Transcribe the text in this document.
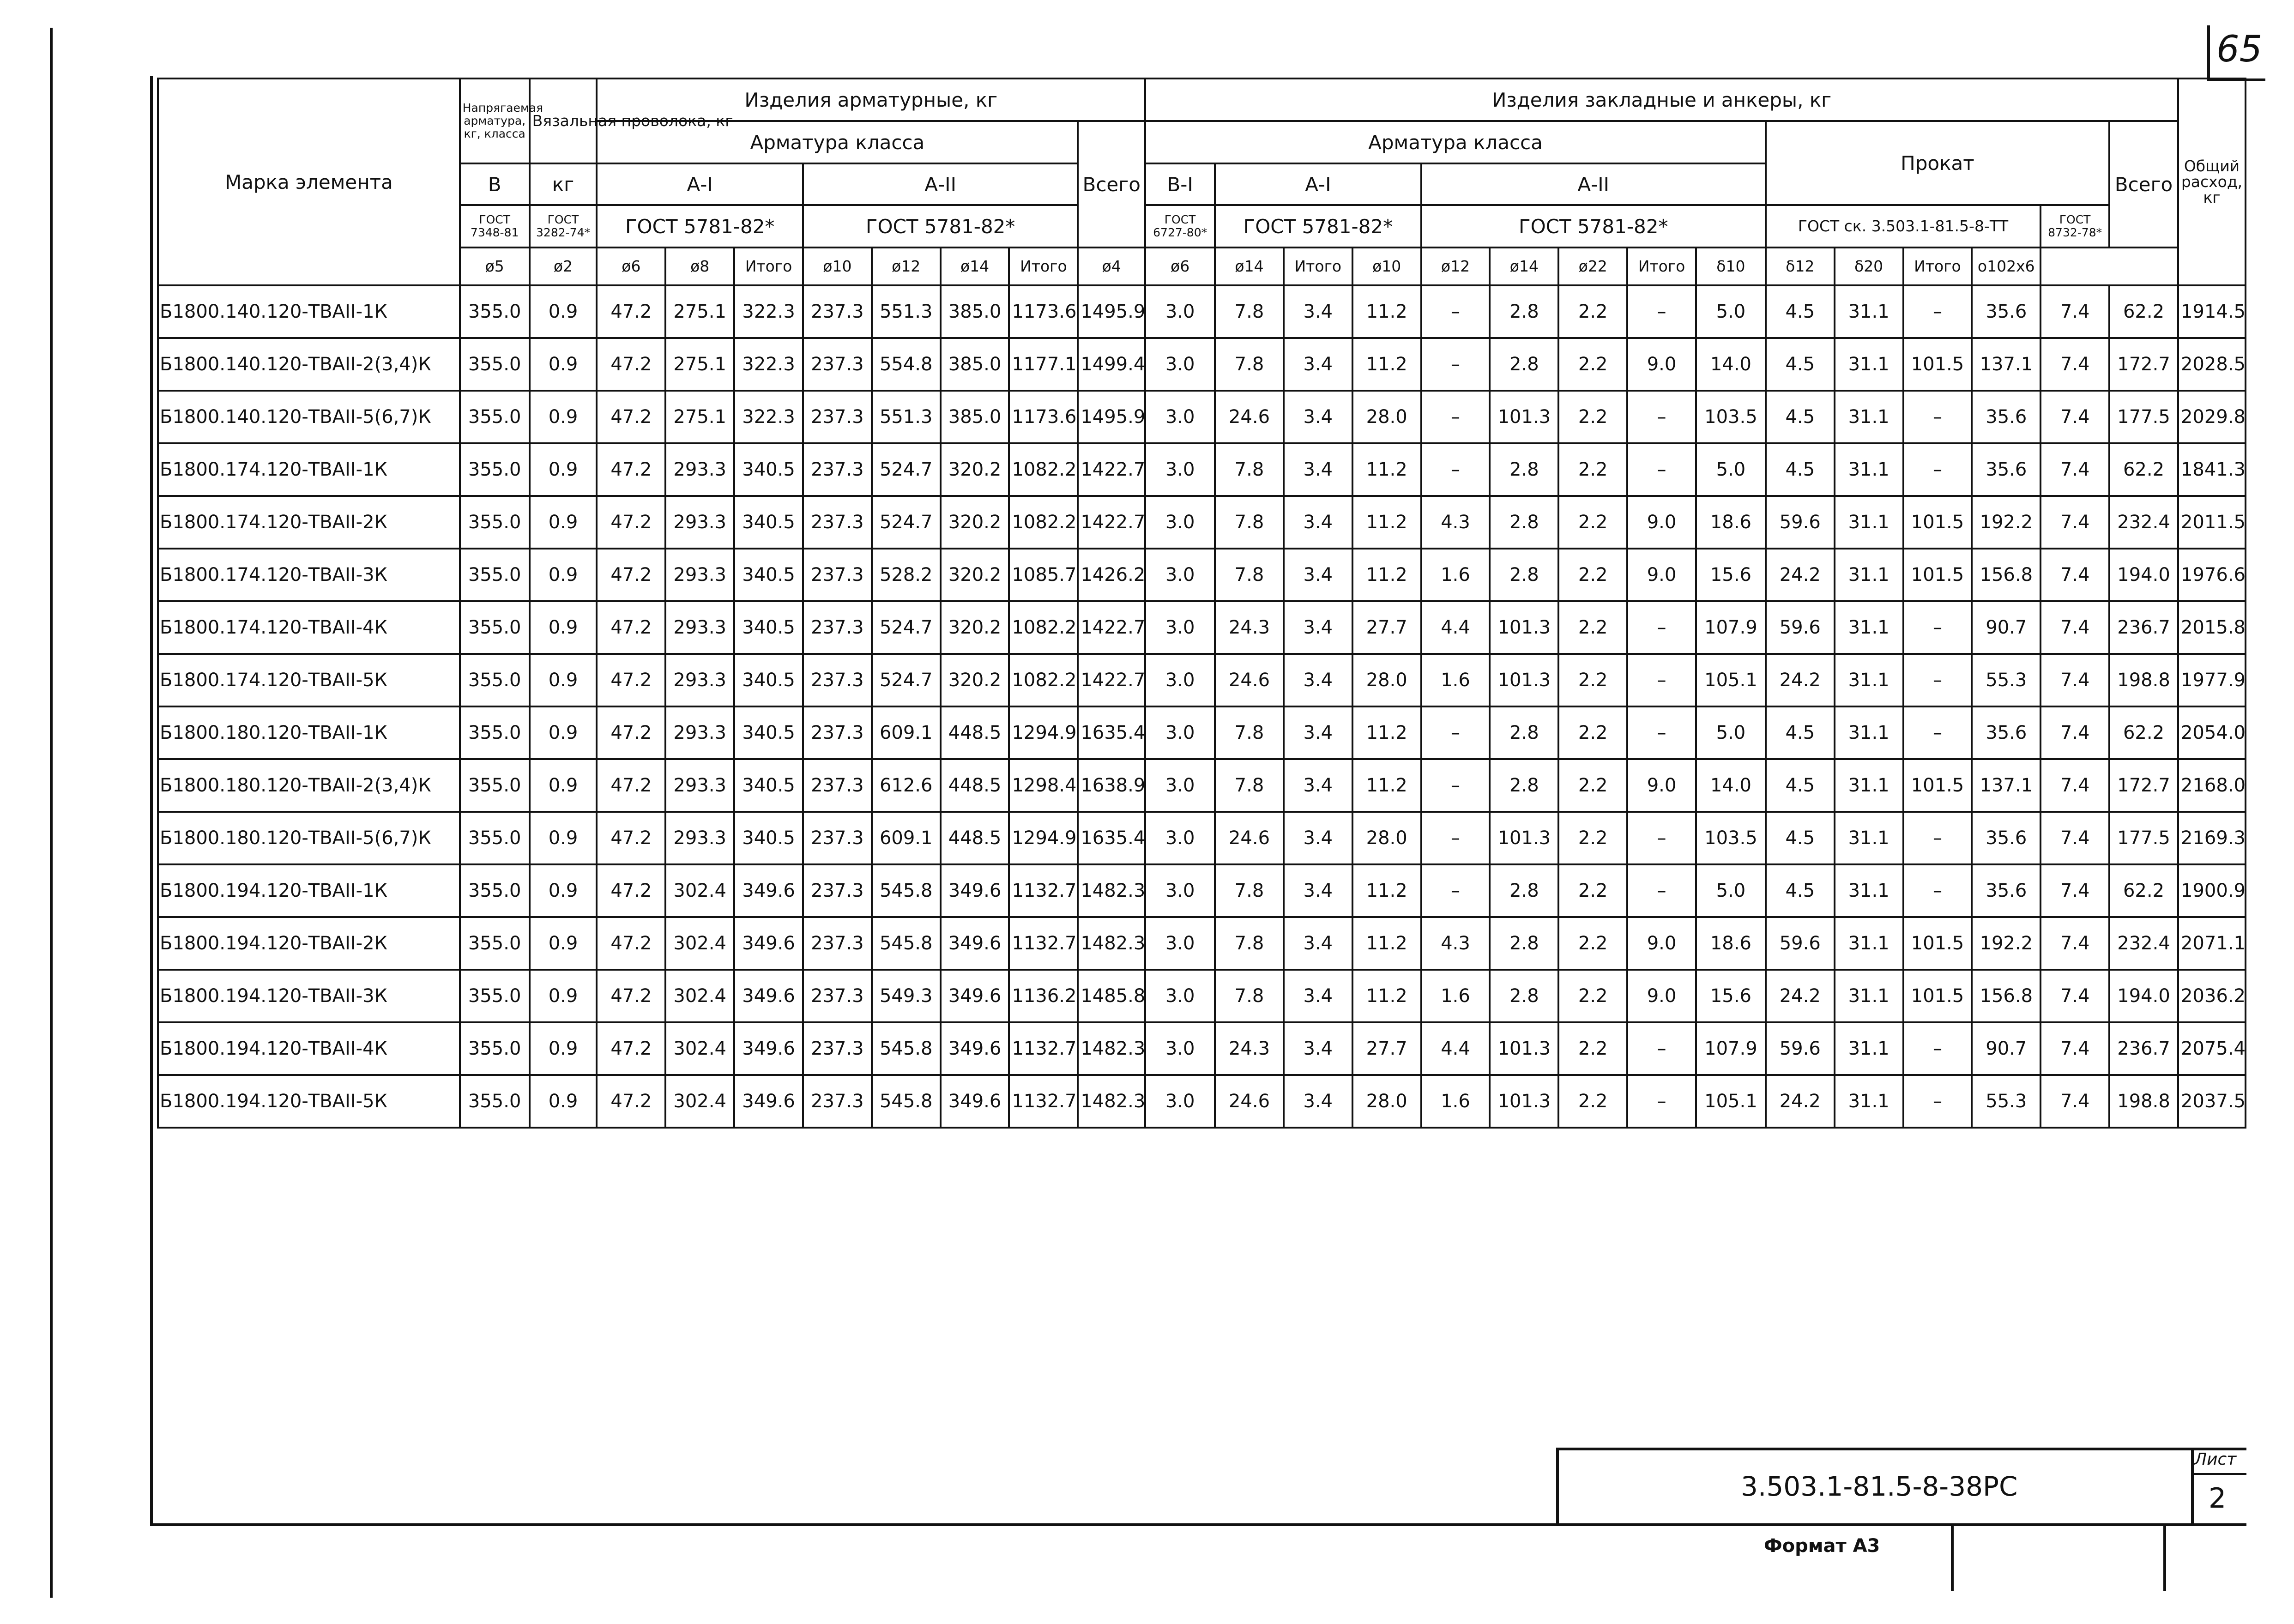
65
Марка элемента	Напрягаемая арматура, кг, класса	Вязальная проволока, кг	Изделия арматурные, кг								Изделия закладные и анкеры, кг															Общий расход, кг
			Арматура класса							Всего	Арматура класса									Прокат					Всего	
	В	кг	А-I			А-II					В-I	А-I			А-II											
	ГОСТ 7348-81	ГОСТ 3282-74*	ГОСТ 5781-82*			ГОСТ 5781-82*					ГОСТ 6727-80*	ГОСТ 5781-82*			ГОСТ 5781-82*					ГОСТ ск. 3.503.1-81.5-8-ТТ				ГОСТ 8732-78*		
	ø5	ø2	ø6	ø8	Итого	ø10	ø12	ø14	Итого	ø4	ø6	ø14	Итого	ø10	ø12	ø14	ø22	Итого	δ10	δ12	δ20	Итого	о102х6			
Б1800.140.120-ТВАII-1К	355.0	0.9	47.2	275.1	322.3	237.3	551.3	385.0	1173.6	1495.9	3.0	7.8	3.4	11.2	–	2.8	2.2	–	5.0	4.5	31.1	–	35.6	7.4	62.2	1914.5
Б1800.140.120-ТВАII-2(3,4)К	355.0	0.9	47.2	275.1	322.3	237.3	554.8	385.0	1177.1	1499.4	3.0	7.8	3.4	11.2	–	2.8	2.2	9.0	14.0	4.5	31.1	101.5	137.1	7.4	172.7	2028.5
Б1800.140.120-ТВАII-5(6,7)К	355.0	0.9	47.2	275.1	322.3	237.3	551.3	385.0	1173.6	1495.9	3.0	24.6	3.4	28.0	–	101.3	2.2	–	103.5	4.5	31.1	–	35.6	7.4	177.5	2029.8
Б1800.174.120-ТВАII-1К	355.0	0.9	47.2	293.3	340.5	237.3	524.7	320.2	1082.2	1422.7	3.0	7.8	3.4	11.2	–	2.8	2.2	–	5.0	4.5	31.1	–	35.6	7.4	62.2	1841.3
Б1800.174.120-ТВАII-2К	355.0	0.9	47.2	293.3	340.5	237.3	524.7	320.2	1082.2	1422.7	3.0	7.8	3.4	11.2	4.3	2.8	2.2	9.0	18.6	59.6	31.1	101.5	192.2	7.4	232.4	2011.5
Б1800.174.120-ТВАII-3К	355.0	0.9	47.2	293.3	340.5	237.3	528.2	320.2	1085.7	1426.2	3.0	7.8	3.4	11.2	1.6	2.8	2.2	9.0	15.6	24.2	31.1	101.5	156.8	7.4	194.0	1976.6
Б1800.174.120-ТВАII-4К	355.0	0.9	47.2	293.3	340.5	237.3	524.7	320.2	1082.2	1422.7	3.0	24.3	3.4	27.7	4.4	101.3	2.2	–	107.9	59.6	31.1	–	90.7	7.4	236.7	2015.8
Б1800.174.120-ТВАII-5К	355.0	0.9	47.2	293.3	340.5	237.3	524.7	320.2	1082.2	1422.7	3.0	24.6	3.4	28.0	1.6	101.3	2.2	–	105.1	24.2	31.1	–	55.3	7.4	198.8	1977.9
Б1800.180.120-ТВАII-1К	355.0	0.9	47.2	293.3	340.5	237.3	609.1	448.5	1294.9	1635.4	3.0	7.8	3.4	11.2	–	2.8	2.2	–	5.0	4.5	31.1	–	35.6	7.4	62.2	2054.0
Б1800.180.120-ТВАII-2(3,4)К	355.0	0.9	47.2	293.3	340.5	237.3	612.6	448.5	1298.4	1638.9	3.0	7.8	3.4	11.2	–	2.8	2.2	9.0	14.0	4.5	31.1	101.5	137.1	7.4	172.7	2168.0
Б1800.180.120-ТВАII-5(6,7)К	355.0	0.9	47.2	293.3	340.5	237.3	609.1	448.5	1294.9	1635.4	3.0	24.6	3.4	28.0	–	101.3	2.2	–	103.5	4.5	31.1	–	35.6	7.4	177.5	2169.3
Б1800.194.120-ТВАII-1К	355.0	0.9	47.2	302.4	349.6	237.3	545.8	349.6	1132.7	1482.3	3.0	7.8	3.4	11.2	–	2.8	2.2	–	5.0	4.5	31.1	–	35.6	7.4	62.2	1900.9
Б1800.194.120-ТВАII-2К	355.0	0.9	47.2	302.4	349.6	237.3	545.8	349.6	1132.7	1482.3	3.0	7.8	3.4	11.2	4.3	2.8	2.2	9.0	18.6	59.6	31.1	101.5	192.2	7.4	232.4	2071.1
Б1800.194.120-ТВАII-3К	355.0	0.9	47.2	302.4	349.6	237.3	549.3	349.6	1136.2	1485.8	3.0	7.8	3.4	11.2	1.6	2.8	2.2	9.0	15.6	24.2	31.1	101.5	156.8	7.4	194.0	2036.2
Б1800.194.120-ТВАII-4К	355.0	0.9	47.2	302.4	349.6	237.3	545.8	349.6	1132.7	1482.3	3.0	24.3	3.4	27.7	4.4	101.3	2.2	–	107.9	59.6	31.1	–	90.7	7.4	236.7	2075.4
Б1800.194.120-ТВАII-5К	355.0	0.9	47.2	302.4	349.6	237.3	545.8	349.6	1132.7	1482.3	3.0	24.6	3.4	28.0	1.6	101.3	2.2	–	105.1	24.2	31.1	–	55.3	7.4	198.8	2037.5
3.503.1-81.5-8-38РС
Лист
2
Формат А3
